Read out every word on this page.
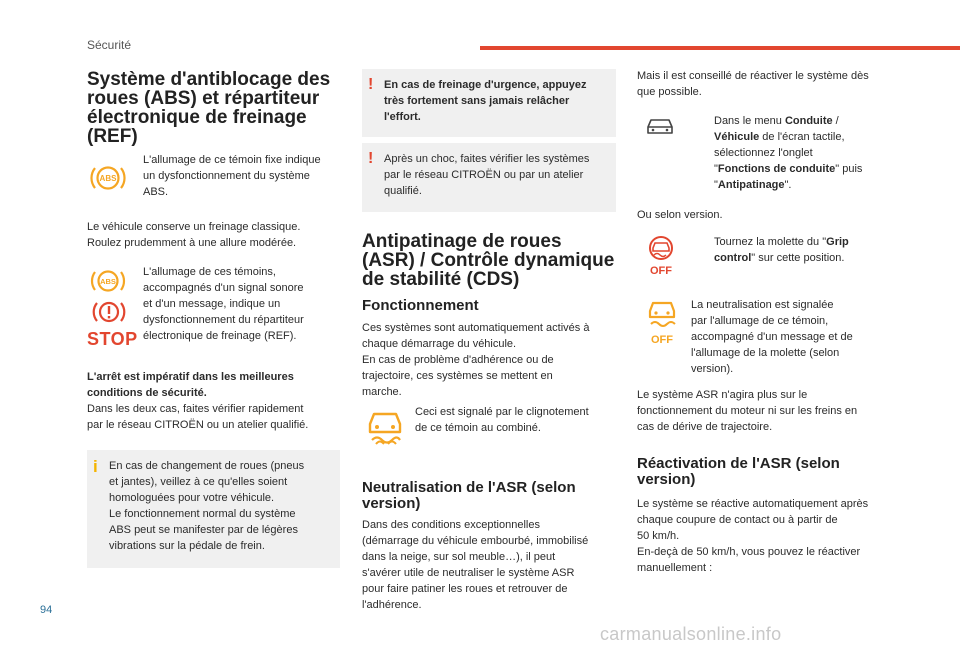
Sécurité
Système d'antiblocage des
roues (ABS) et répartiteur
électronique de freinage
(REF)
ABS
L'allumage de ce témoin fixe indique
un dysfonctionnement du système
ABS.
Le véhicule conserve un freinage classique.
Roulez prudemment à une allure modérée.
ABS
STOP
L'allumage de ces témoins,
accompagnés d'un signal sonore
et d'un message, indique un
dysfonctionnement du répartiteur
électronique de freinage (REF).
L'arrêt est impératif dans les meilleures
conditions de sécurité.
Dans les deux cas, faites vérifier rapidement
par le réseau CITROËN ou un atelier qualifié.
i En cas de changement de roues (pneus
et jantes), veillez à ce qu'elles soient
homologuées pour votre véhicule.
Le fonctionnement normal du système
ABS peut se manifester par de légères
vibrations sur la pédale de frein.
! En cas de freinage d'urgence, appuyez
très fortement sans jamais relâcher
l'effort.
! Après un choc, faites vérifier les systèmes
par le réseau CITROËN ou par un atelier
qualifié.
Antipatinage de roues
(ASR) / Contrôle dynamique
de stabilité (CDS)
Fonctionnement
Ces systèmes sont automatiquement activés à
chaque démarrage du véhicule.
En cas de problème d'adhérence ou de
trajectoire, ces systèmes se mettent en
marche.
Ceci est signalé par le clignotement
de ce témoin au combiné.
Neutralisation de l'ASR (selon
version)
Dans des conditions exceptionnelles
(démarrage du véhicule embourbé, immobilisé
dans la neige, sur sol meuble…), il peut
s'avérer utile de neutraliser le système ASR
pour faire patiner les roues et retrouver de
l'adhérence.
Mais il est conseillé de réactiver le système dès
que possible.
Dans le menu Conduite /
Véhicule de l'écran tactile,
sélectionnez l'onglet
"Fonctions de conduite" puis
"Antipatinage".
Ou selon version.
OFF
Tournez la molette du "Grip
control" sur cette position.
OFF
La neutralisation est signalée
par l'allumage de ce témoin,
accompagné d'un message et de
l'allumage de la molette (selon
version).
Le système ASR n'agira plus sur le
fonctionnement du moteur ni sur les freins en
cas de dérive de trajectoire.
Réactivation de l'ASR (selon
version)
Le système se réactive automatiquement après
chaque coupure de contact ou à partir de
50 km/h.
En-deçà de 50 km/h, vous pouvez le réactiver
manuellement :
94
carmanualsonline.info
